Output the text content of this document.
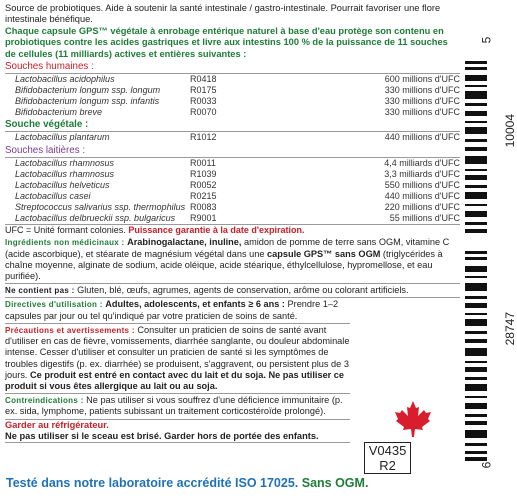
Source de probiotiques. Aide à soutenir la santé intestinale / gastro-intestinale. Pourrait favoriser une flore intestinale bénéfique.
Chaque capsule GPS™ végétale à enrobage entérique naturel à base d'eau protège son contenu en probiotiques contre les acides gastriques et livre aux intestins 100 % de la puissance de 11 souches de cellules (11 milliards) actives et entières suivantes :
Souches humaines :
Lactobacillus acidophilus	R0418	600 millions d'UFC
Bifidobacterium longum ssp. longum	R0175	330 millions d'UFC
Bifidobacterium longum ssp. infantis	R0033	330 millions d'UFC
Bifidobacterium breve	R0070	330 millions d'UFC
Souche végétale :
Lactobacillus plantarum	R1012	440 millions d'UFC
Souches laitières :
Lactobacillus rhamnosus	R0011	4,4 milliards d'UFC
Lactobacillus rhamnosus	R1039	3,3 milliards d'UFC
Lactobacillus helveticus	R0052	550 millions d'UFC
Lactobacillus casei	R0215	440 millions d'UFC
Streptococcus salivarius ssp. thermophilus R0083	220 millions d'UFC
Lactobacillus delbrueckii ssp. bulgaricus	R9001	55 millions d'UFC
UFC = Unité formant colonies. Puissance garantie à la date d'expiration.
Ingrédients non médicinaux : Arabinogalactane, inuline, amidon de pomme de terre sans OGM, vitamine C (acide ascorbique), et stéarate de magnésium végétal dans une capsule GPS™ sans OGM (triglycérides à chaîne moyenne, alginate de sodium, acide oléique, acide stéarique, éthylcellulose, hypromellose, et eau purifiée).
Ne contient pas : Gluten, blé, œufs, agrumes, agents de conservation, arôme ou colorant artificiels.
Directives d'utilisation : Adultes, adolescents, et enfants ≥ 6 ans : Prendre 1–2 capsules par jour ou tel qu'indiqué par votre praticien de soins de santé.
Précautions et avertissements : Consulter un praticien de soins de santé avant d'utiliser en cas de fièvre, vomissements, diarrhée sanglante, ou douleur abdominale intense. Cesser d'utiliser et consulter un praticien de santé si les symptômes de troubles digestifs (p. ex. diarrhée) se produisent, s'aggravent, ou persistent plus de 3 jours. Ce produit est entré en contact avec du lait et du soja. Ne pas utiliser ce produit si vous êtes allergique au lait ou au soja.
Contreindications : Ne pas utiliser si vous souffrez d'une déficience immunitaire (p. ex. sida, lymphome, patients subissant un traitement corticostéroïde prolongé).
Garder au réfrigérateur.
Ne pas utiliser si le sceau est brisé. Garder hors de portée des enfants.
V0435
R2
5
10004
28747
6
Testé dans notre laboratoire accrédité ISO 17025. Sans OGM.
